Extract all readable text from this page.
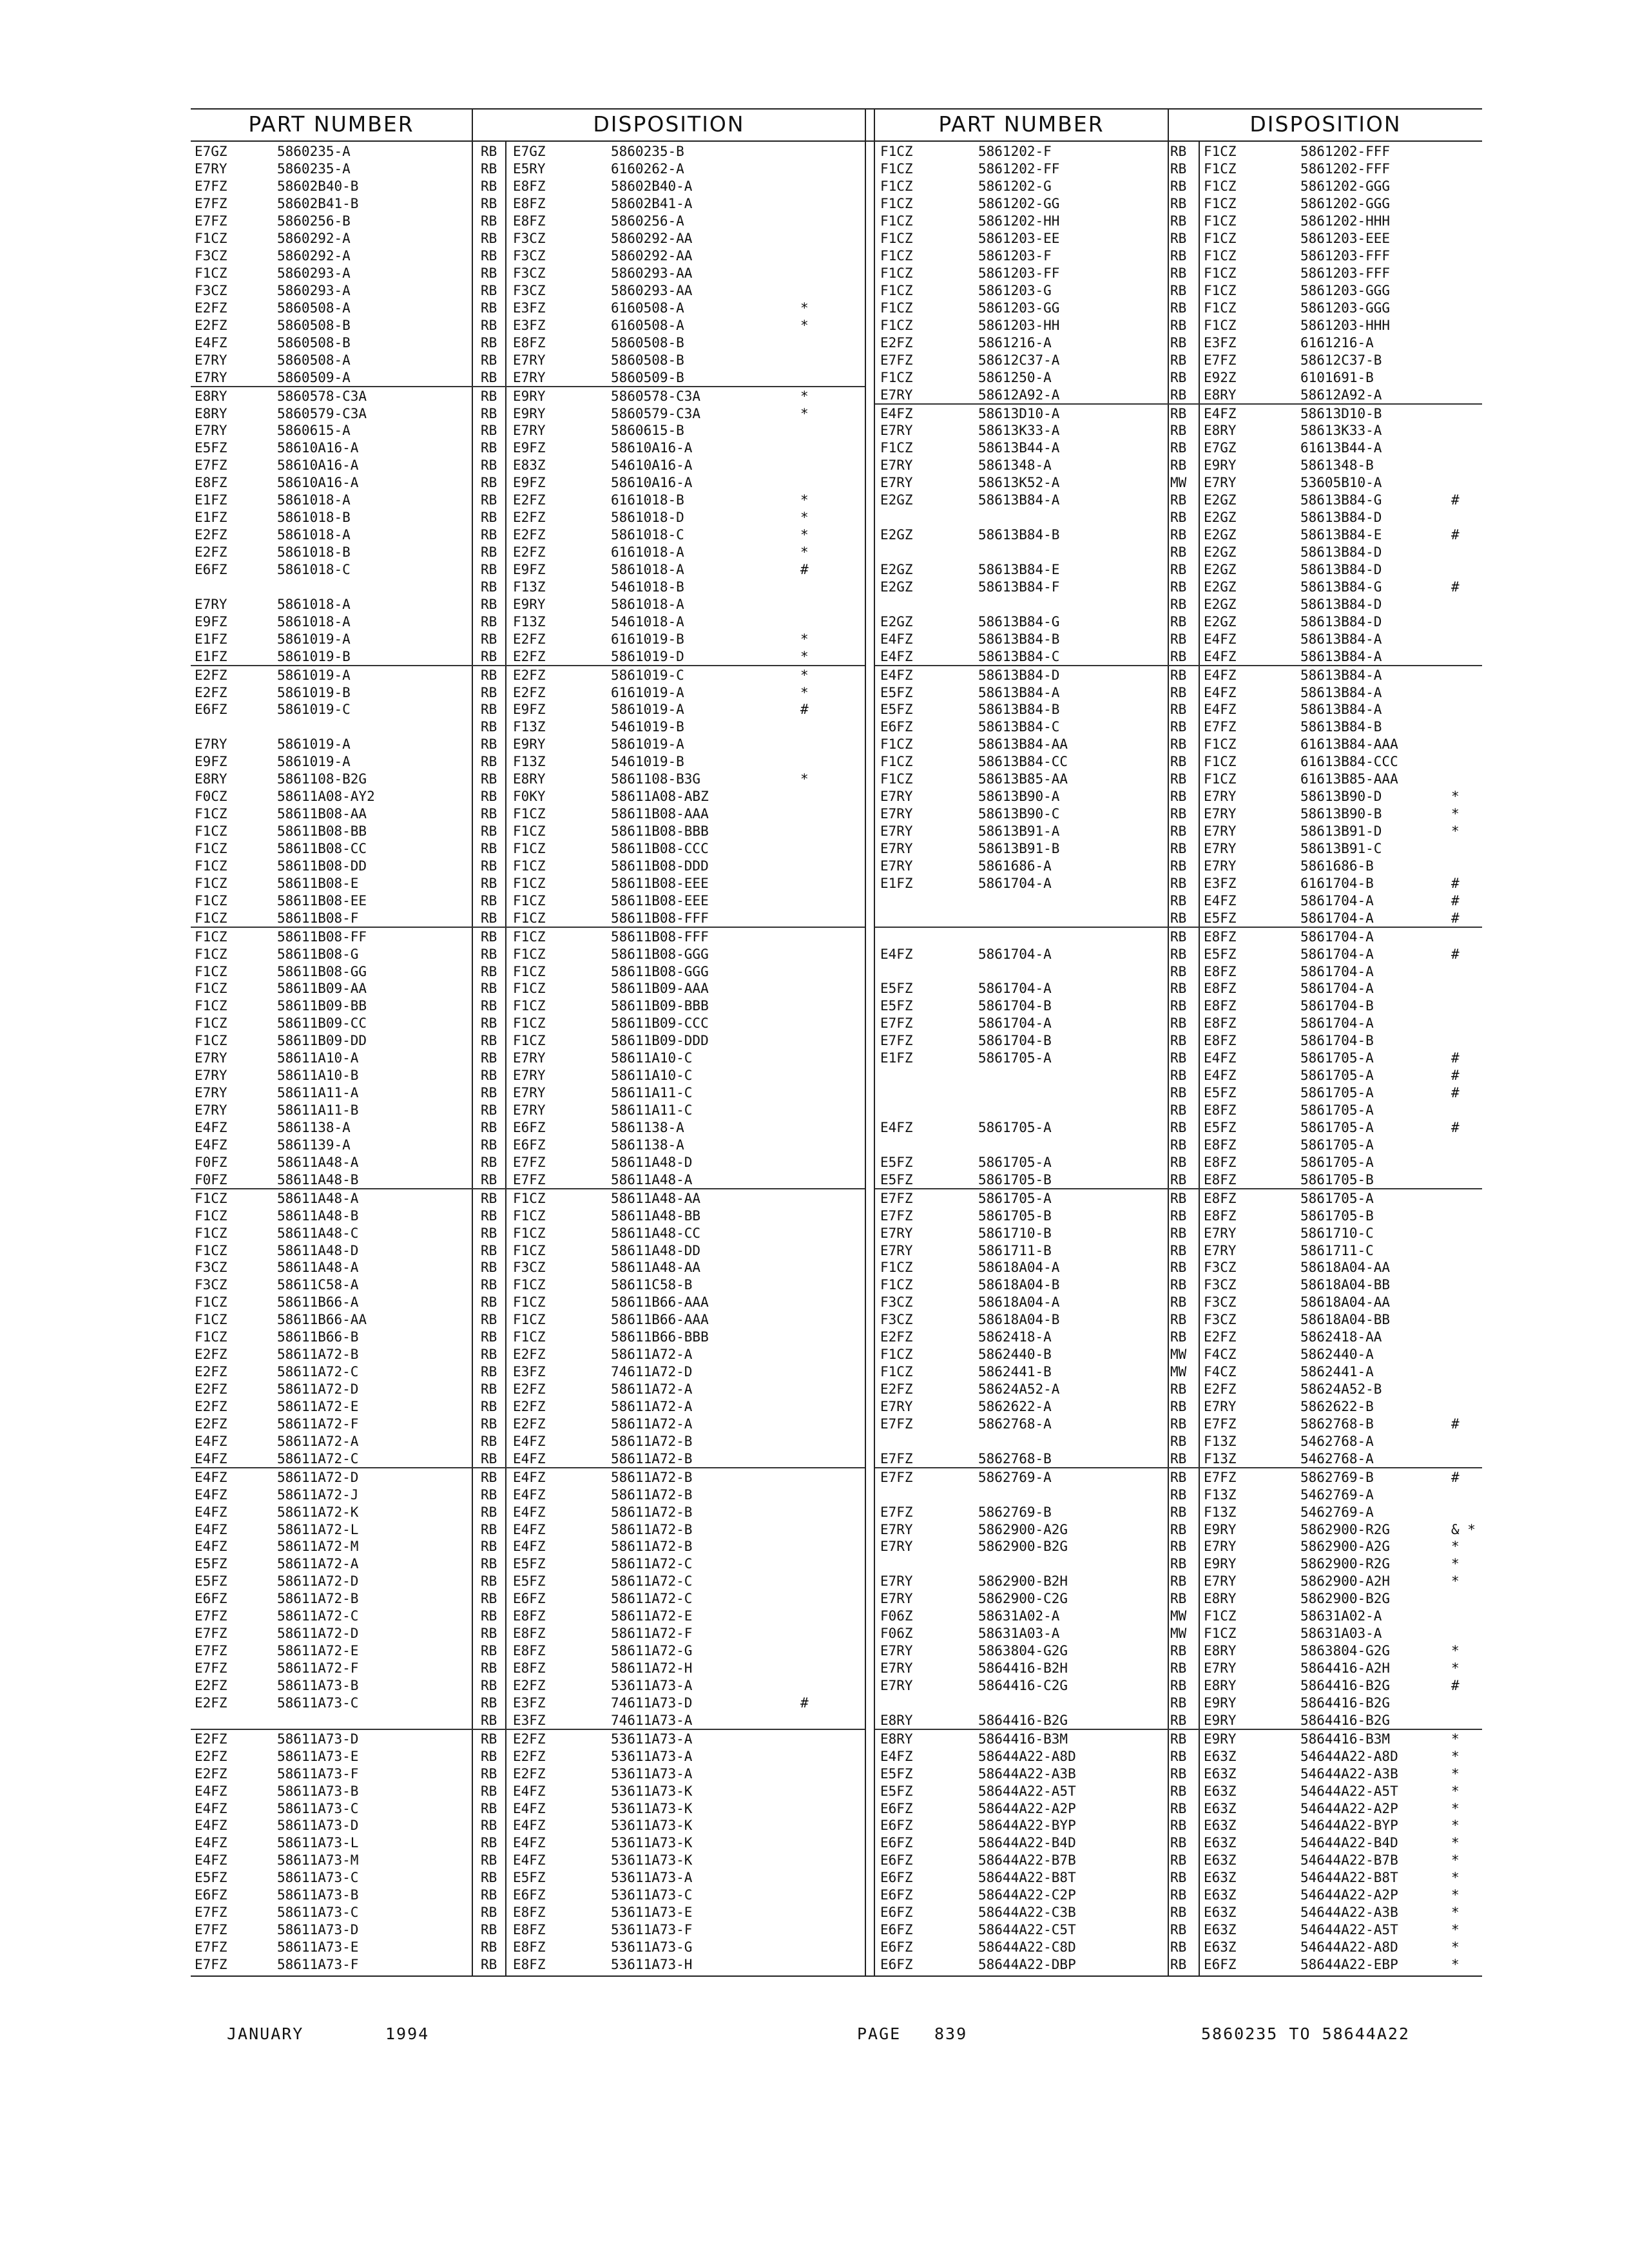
PART NUMBER	DISPOSITION	PART NUMBER	DISPOSITION
E7GZ	5860235-A	RB E7GZ	5860235-B
E7RY	5860235-A	RB E5RY	6160262-A
E7FZ	58602B40-B	RB E8FZ	58602B40-A
E7FZ	58602B41-B	RB E8FZ	58602B41-A
E7FZ	5860256-B	RB E8FZ	5860256-A
F1CZ	5860292-A	RB F3CZ	5860292-AA
F3CZ	5860292-A	RB F3CZ	5860292-AA
F1CZ	5860293-A	RB F3CZ	5860293-AA
F3CZ	5860293-A	RB F3CZ	5860293-AA
E2FZ	5860508-A	RB E3FZ	6160508-A	*
E2FZ	5860508-B	RB E3FZ	6160508-A	*
E4FZ	5860508-B	RB E8FZ	5860508-B
E7RY	5860508-A	RB E7RY	5860508-B
E7RY	5860509-A	RB E7RY	5860509-B
E8RY	5860578-C3A	RB E9RY	5860578-C3A	*
E8RY	5860579-C3A	RB E9RY	5860579-C3A	*
E7RY	5860615-A	RB E7RY	5860615-B
E5FZ	58610A16-A	RB E9FZ	58610A16-A
E7FZ	58610A16-A	RB E83Z	54610A16-A
E8FZ	58610A16-A	RB E9FZ	58610A16-A
E1FZ	5861018-A	RB E2FZ	6161018-B	*
E1FZ	5861018-B	RB E2FZ	5861018-D	*
E2FZ	5861018-A	RB E2FZ	5861018-C	*
E2FZ	5861018-B	RB E2FZ	6161018-A	*
E6FZ	5861018-C	RB E9FZ	5861018-A	#
RB F13Z	5461018-B
E7RY	5861018-A	RB E9RY	5861018-A
E9FZ	5861018-A	RB F13Z	5461018-A
E1FZ	5861019-A	RB E2FZ	6161019-B	*
E1FZ	5861019-B	RB E2FZ	5861019-D	*
E2FZ	5861019-A	RB E2FZ	5861019-C	*
E2FZ	5861019-B	RB E2FZ	6161019-A	*
E6FZ	5861019-C	RB E9FZ	5861019-A	#
RB F13Z	5461019-B
E7RY	5861019-A	RB E9RY	5861019-A
E9FZ	5861019-A	RB F13Z	5461019-B
E8RY	5861108-B2G	RB E8RY	5861108-B3G	*
F0CZ	58611A08-AY2	RB F0KY	58611A08-ABZ
F1CZ	58611B08-AA	RB F1CZ	58611B08-AAA
F1CZ	58611B08-BB	RB F1CZ	58611B08-BBB
F1CZ	58611B08-CC	RB F1CZ	58611B08-CCC
F1CZ	58611B08-DD	RB F1CZ	58611B08-DDD
F1CZ	58611B08-E	RB F1CZ	58611B08-EEE
F1CZ	58611B08-EE	RB F1CZ	58611B08-EEE
F1CZ	58611B08-F	RB F1CZ	58611B08-FFF
F1CZ	58611B08-FF	RB F1CZ	58611B08-FFF
F1CZ	58611B08-G	RB F1CZ	58611B08-GGG
F1CZ	58611B08-GG	RB F1CZ	58611B08-GGG
F1CZ	58611B09-AA	RB F1CZ	58611B09-AAA
F1CZ	58611B09-BB	RB F1CZ	58611B09-BBB
F1CZ	58611B09-CC	RB F1CZ	58611B09-CCC
F1CZ	58611B09-DD	RB F1CZ	58611B09-DDD
E7RY	58611A10-A	RB E7RY	58611A10-C
E7RY	58611A10-B	RB E7RY	58611A10-C
E7RY	58611A11-A	RB E7RY	58611A11-C
E7RY	58611A11-B	RB E7RY	58611A11-C
E4FZ	5861138-A	RB E6FZ	5861138-A
E4FZ	5861139-A	RB E6FZ	5861138-A
F0FZ	58611A48-A	RB E7FZ	58611A48-D
F0FZ	58611A48-B	RB E7FZ	58611A48-A
F1CZ	58611A48-A	RB F1CZ	58611A48-AA
F1CZ	58611A48-B	RB F1CZ	58611A48-BB
F1CZ	58611A48-C	RB F1CZ	58611A48-CC
F1CZ	58611A48-D	RB F1CZ	58611A48-DD
F3CZ	58611A48-A	RB F3CZ	58611A48-AA
F3CZ	58611C58-A	RB F1CZ	58611C58-B
F1CZ	58611B66-A	RB F1CZ	58611B66-AAA
F1CZ	58611B66-AA	RB F1CZ	58611B66-AAA
F1CZ	58611B66-B	RB F1CZ	58611B66-BBB
E2FZ	58611A72-B	RB E2FZ	58611A72-A
E2FZ	58611A72-C	RB E3FZ	74611A72-D
E2FZ	58611A72-D	RB E2FZ	58611A72-A
E2FZ	58611A72-E	RB E2FZ	58611A72-A
E2FZ	58611A72-F	RB E2FZ	58611A72-A
E4FZ	58611A72-A	RB E4FZ	58611A72-B
E4FZ	58611A72-C	RB E4FZ	58611A72-B
E4FZ	58611A72-D	RB E4FZ	58611A72-B
E4FZ	58611A72-J	RB E4FZ	58611A72-B
E4FZ	58611A72-K	RB E4FZ	58611A72-B
E4FZ	58611A72-L	RB E4FZ	58611A72-B
E4FZ	58611A72-M	RB E4FZ	58611A72-B
E5FZ	58611A72-A	RB E5FZ	58611A72-C
E5FZ	58611A72-D	RB E5FZ	58611A72-C
E6FZ	58611A72-B	RB E6FZ	58611A72-C
E7FZ	58611A72-C	RB E8FZ	58611A72-E
E7FZ	58611A72-D	RB E8FZ	58611A72-F
E7FZ	58611A72-E	RB E8FZ	58611A72-G
E7FZ	58611A72-F	RB E8FZ	58611A72-H
E2FZ	58611A73-B	RB E2FZ	53611A73-A
E2FZ	58611A73-C	RB E3FZ	74611A73-D	#
RB E3FZ	74611A73-A
E2FZ	58611A73-D	RB E2FZ	53611A73-A
E2FZ	58611A73-E	RB E2FZ	53611A73-A
E2FZ	58611A73-F	RB E2FZ	53611A73-A
E4FZ	58611A73-B	RB E4FZ	53611A73-K
E4FZ	58611A73-C	RB E4FZ	53611A73-K
E4FZ	58611A73-D	RB E4FZ	53611A73-K
E4FZ	58611A73-L	RB E4FZ	53611A73-K
E4FZ	58611A73-M	RB E4FZ	53611A73-K
E5FZ	58611A73-C	RB E5FZ	53611A73-A
E6FZ	58611A73-B	RB E6FZ	53611A73-C
E7FZ	58611A73-C	RB E8FZ	53611A73-E
E7FZ	58611A73-D	RB E8FZ	53611A73-F
E7FZ	58611A73-E	RB E8FZ	53611A73-G
E7FZ	58611A73-F	RB E8FZ	53611A73-H
F1CZ	5861202-F	RB F1CZ	5861202-FFF
F1CZ	5861202-FF	RB F1CZ	5861202-FFF
F1CZ	5861202-G	RB F1CZ	5861202-GGG
F1CZ	5861202-GG	RB F1CZ	5861202-GGG
F1CZ	5861202-HH	RB F1CZ	5861202-HHH
F1CZ	5861203-EE	RB F1CZ	5861203-EEE
F1CZ	5861203-F	RB F1CZ	5861203-FFF
F1CZ	5861203-FF	RB F1CZ	5861203-FFF
F1CZ	5861203-G	RB F1CZ	5861203-GGG
F1CZ	5861203-GG	RB F1CZ	5861203-GGG
F1CZ	5861203-HH	RB F1CZ	5861203-HHH
E2FZ	5861216-A	RB E3FZ	6161216-A
E7FZ	58612C37-A	RB E7FZ	58612C37-B
F1CZ	5861250-A	RB E92Z	6101691-B
E7RY	58612A92-A	RB E8RY	58612A92-A
E4FZ	58613D10-A	RB E4FZ	58613D10-B
E7RY	58613K33-A	RB E8RY	58613K33-A
F1CZ	58613B44-A	RB E7GZ	61613B44-A
E7RY	5861348-A	RB E9RY	5861348-B
E7RY	58613K52-A	MW E7RY	53605B10-A
E2GZ	58613B84-A	RB E2GZ	58613B84-G	#
RB E2GZ	58613B84-D
E2GZ	58613B84-B	RB E2GZ	58613B84-E	#
RB E2GZ	58613B84-D
E2GZ	58613B84-E	RB E2GZ	58613B84-D
E2GZ	58613B84-F	RB E2GZ	58613B84-G	#
RB E2GZ	58613B84-D
E2GZ	58613B84-G	RB E2GZ	58613B84-D
E4FZ	58613B84-B	RB E4FZ	58613B84-A
E4FZ	58613B84-C	RB E4FZ	58613B84-A
E4FZ	58613B84-D	RB E4FZ	58613B84-A
E5FZ	58613B84-A	RB E4FZ	58613B84-A
E5FZ	58613B84-B	RB E4FZ	58613B84-A
E6FZ	58613B84-C	RB E7FZ	58613B84-B
F1CZ	58613B84-AA	RB F1CZ	61613B84-AAA
F1CZ	58613B84-CC	RB F1CZ	61613B84-CCC
F1CZ	58613B85-AA	RB F1CZ	61613B85-AAA
E7RY	58613B90-A	RB E7RY	58613B90-D	*
E7RY	58613B90-C	RB E7RY	58613B90-B	*
E7RY	58613B91-A	RB E7RY	58613B91-D	*
E7RY	58613B91-B	RB E7RY	58613B91-C
E7RY	5861686-A	RB E7RY	5861686-B
E1FZ	5861704-A	RB E3FZ	6161704-B	#
RB E4FZ	5861704-A	#
RB E5FZ	5861704-A	#
RB E8FZ	5861704-A
E4FZ	5861704-A	RB E5FZ	5861704-A	#
RB E8FZ	5861704-A
E5FZ	5861704-A	RB E8FZ	5861704-A
E5FZ	5861704-B	RB E8FZ	5861704-B
E7FZ	5861704-A	RB E8FZ	5861704-A
E7FZ	5861704-B	RB E8FZ	5861704-B
E1FZ	5861705-A	RB E4FZ	5861705-A	#
RB E4FZ	5861705-A	#
RB E5FZ	5861705-A	#
RB E8FZ	5861705-A
E4FZ	5861705-A	RB E5FZ	5861705-A	#
RB E8FZ	5861705-A
E5FZ	5861705-A	RB E8FZ	5861705-A
E5FZ	5861705-B	RB E8FZ	5861705-B
E7FZ	5861705-A	RB E8FZ	5861705-A
E7FZ	5861705-B	RB E8FZ	5861705-B
E7RY	5861710-B	RB E7RY	5861710-C
E7RY	5861711-B	RB E7RY	5861711-C
F1CZ	58618A04-A	RB F3CZ	58618A04-AA
F1CZ	58618A04-B	RB F3CZ	58618A04-BB
F3CZ	58618A04-A	RB F3CZ	58618A04-AA
F3CZ	58618A04-B	RB F3CZ	58618A04-BB
E2FZ	5862418-A	RB E2FZ	5862418-AA
F1CZ	5862440-B	MW F4CZ	5862440-A
F1CZ	5862441-B	MW F4CZ	5862441-A
E2FZ	58624A52-A	RB E2FZ	58624A52-B
E7RY	5862622-A	RB E7RY	5862622-B
E7FZ	5862768-A	RB E7FZ	5862768-B	#
RB F13Z	5462768-A
E7FZ	5862768-B	RB F13Z	5462768-A
E7FZ	5862769-A	RB E7FZ	5862769-B	#
RB F13Z	5462769-A
E7FZ	5862769-B	RB F13Z	5462769-A
E7RY	5862900-A2G	RB E9RY	5862900-R2G	& *
E7RY	5862900-B2G	RB E7RY	5862900-A2G	*
RB E9RY	5862900-R2G	*
E7RY	5862900-B2H	RB E7RY	5862900-A2H	*
E7RY	5862900-C2G	RB E8RY	5862900-B2G
F06Z	58631A02-A	MW F1CZ	58631A02-A
F06Z	58631A03-A	MW F1CZ	58631A03-A
E7RY	5863804-G2G	RB E8RY	5863804-G2G	*
E7RY	5864416-B2H	RB E7RY	5864416-A2H	*
E7RY	5864416-C2G	RB E8RY	5864416-B2G	#
RB E9RY	5864416-B2G
E8RY	5864416-B2G	RB E9RY	5864416-B2G
E8RY	5864416-B3M	RB E9RY	5864416-B3M	*
E4FZ	58644A22-A8D	RB E63Z	54644A22-A8D	*
E5FZ	58644A22-A3B	RB E63Z	54644A22-A3B	*
E5FZ	58644A22-A5T	RB E63Z	54644A22-A5T	*
E6FZ	58644A22-A2P	RB E63Z	54644A22-A2P	*
E6FZ	58644A22-BYP	RB E63Z	54644A22-BYP	*
E6FZ	58644A22-B4D	RB E63Z	54644A22-B4D	*
E6FZ	58644A22-B7B	RB E63Z	54644A22-B7B	*
E6FZ	58644A22-B8T	RB E63Z	54644A22-B8T	*
E6FZ	58644A22-C2P	RB E63Z	54644A22-A2P	*
E6FZ	58644A22-C3B	RB E63Z	54644A22-A3B	*
E6FZ	58644A22-C5T	RB E63Z	54644A22-A5T	*
E6FZ	58644A22-C8D	RB E63Z	54644A22-A8D	*
E6FZ	58644A22-DBP	RB E6FZ	58644A22-EBP	*
JANUARY	1994	PAGE 839	5860235 TO 58644A22
